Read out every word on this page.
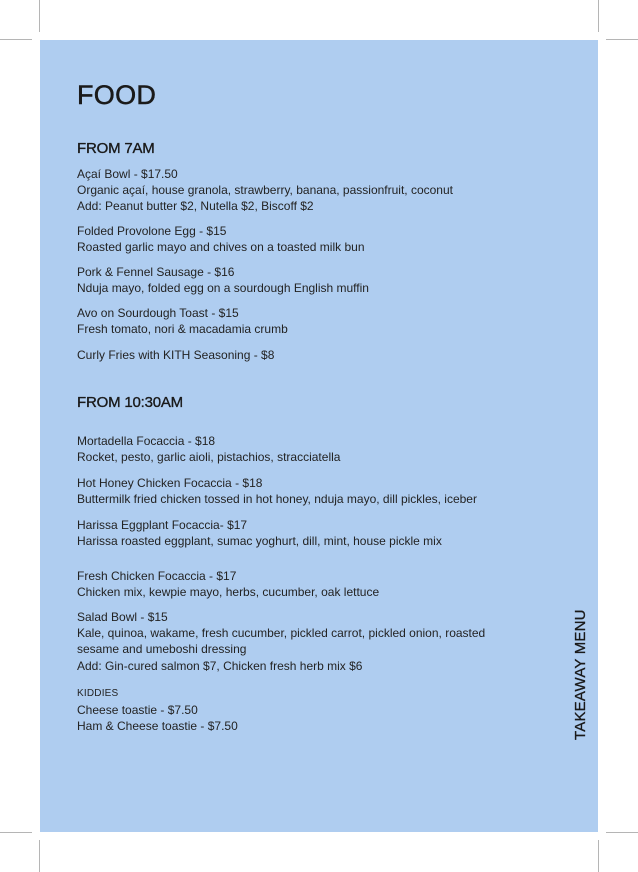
FOOD
FROM 7AM
Açaí Bowl - $17.50
Organic açaí, house granola, strawberry, banana, passionfruit, coconut
Add: Peanut butter $2, Nutella $2, Biscoff $2
Folded Provolone Egg - $15
Roasted garlic mayo and chives on a toasted milk bun
Pork & Fennel Sausage - $16
Nduja mayo, folded egg on a sourdough English muffin
Avo on Sourdough Toast - $15
Fresh tomato, nori & macadamia crumb
Curly Fries with KITH Seasoning - $8
FROM 10:30AM
Mortadella Focaccia - $18
Rocket, pesto, garlic aioli, pistachios, stracciatella
Hot Honey Chicken Focaccia - $18
Buttermilk fried chicken tossed in hot honey, nduja mayo, dill pickles, iceber
Harissa Eggplant Focaccia- $17
Harissa roasted eggplant, sumac yoghurt, dill, mint, house pickle mix
Fresh Chicken Focaccia - $17
Chicken mix, kewpie mayo, herbs, cucumber, oak lettuce
Salad Bowl - $15
Kale, quinoa, wakame, fresh cucumber, pickled carrot, pickled onion, roasted sesame and umeboshi dressing
Add: Gin-cured salmon $7, Chicken fresh herb mix $6
KIDDIES
Cheese toastie - $7.50
Ham & Cheese toastie - $7.50	TAKEAWAY MENU
